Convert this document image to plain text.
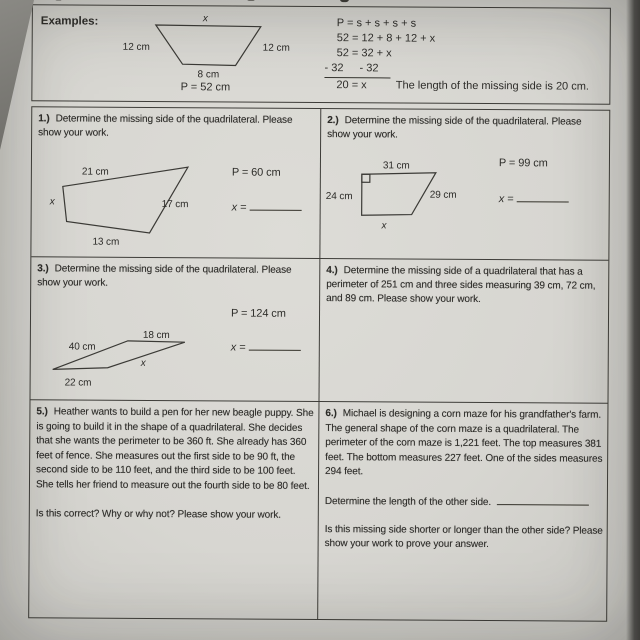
Examples:	x
12 cm	12 cm
8 cm
P = 52 cm
P = s + s + s + s
52 = 12 + 8 + 12 + x
52 = 32 + x
- 32 - 32
20 = x	The length of the missing side is 20 cm.
1.) Determine the missing side of the quadrilateral. Please show your work.
21 cm
x	17 cm
13 cm
P = 60 cm
x =
2.) Determine the missing side of the quadrilateral. Please show your work.
31 cm
24 cm	29 cm
x
P = 99 cm
x =
3.) Determine the missing side of the quadrilateral. Please show your work.
18 cm
40 cm
x
22 cm
P = 124 cm
x =
4.) Determine the missing side of a quadrilateral that has a perimeter of 251 cm and three sides measuring 39 cm, 72 cm, and 89 cm. Please show your work.
5.) Heather wants to build a pen for her new beagle puppy. She is going to build it in the shape of a quadrilateral. She decides that she wants the perimeter to be 360 ft. She already has 360 feet of fence. She measures out the first side to be 90 ft, the second side to be 110 feet, and the third side to be 100 feet. She tells her friend to measure out the fourth side to be 80 feet.
Is this correct? Why or why not? Please show your work.
6.) Michael is designing a corn maze for his grandfather's farm. The general shape of the corn maze is a quadrilateral. The perimeter of the corn maze is 1,221 feet. The top measures 381 feet. The bottom measures 227 feet. One of the sides measures 294 feet.
Determine the length of the other side.
Is this missing side shorter or longer than the other side? Please show your work to prove your answer.
